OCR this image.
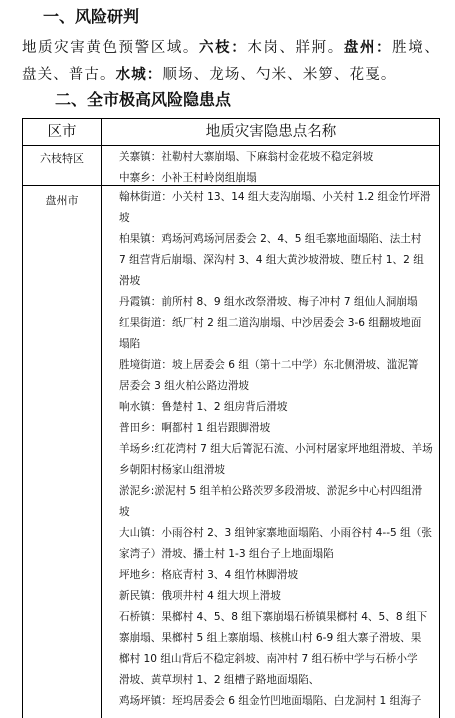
一、风险研判
地质灾害黄色预警区域。六枝：木岗、牂牁。盘州：胜境、盘关、普古。水城：顺场、龙场、勺米、米箩、花戛。
二、全市极高风险隐患点
区市	地质灾害隐患点名称
六枝特区	关寨镇：社勒村大寨崩塌、下麻翁村金花坡不稳定斜坡
中寨乡：小补王村岭岗组崩塌
盘州市	翰林街道：小关村 13、14 组大麦沟崩塌、小关村 1.2 组金竹坪滑
坡
柏果镇：鸡场河鸡场河居委会 2、4、5 组毛寨地面塌陷、法土村
7 组营背后崩塌、深沟村 3、4 组大黄沙坡滑坡、堕丘村 1、2 组
滑坡
丹霞镇：前所村 8、9 组水改祭滑坡、梅子冲村 7 组仙人洞崩塌
红果街道：纸厂村 2 组二道沟崩塌、中沙居委会 3-6 组翻坡地面
塌陷
胜境街道：坡上居委会 6 组（第十二中学）东北侧滑坡、滥泥箐
居委会 3 组火柏公路边滑坡
响水镇：鲁楚村 1、2 组房背后滑坡
普田乡：啊都村 1 组岩跟脚滑坡
羊场乡:红花湾村 7 组大后箐泥石流、小河村屠家坪地组滑坡、羊场
乡朝阳村杨家山组滑坡
淤泥乡:淤泥村 5 组羊柏公路茨罗多段滑坡、淤泥乡中心村四组滑
坡
大山镇：小雨谷村 2、3 组钟家寨地面塌陷、小雨谷村 4--5 组（张
家湾子）滑坡、播土村 1-3 组台子上地面塌陷
坪地乡：格底青村 3、4 组竹林脚滑坡
新民镇：俄项井村 4 组大坝上滑坡
石桥镇：果榔村 4、5、8 组下寨崩塌石桥镇果榔村 4、5、8 组下
寨崩塌、果榔村 5 组上寨崩塌、核桃山村 6-9 组大寨子滑坡、果
榔村 10 组山背后不稳定斜坡、南冲村 7 组石桥中学与石桥小学
滑坡、黄草坝村 1、2 组槽子路地面塌陷、
鸡场坪镇：垤坞居委会 6 组金竹凹地面塌陷、白龙洞村 1 组海子
